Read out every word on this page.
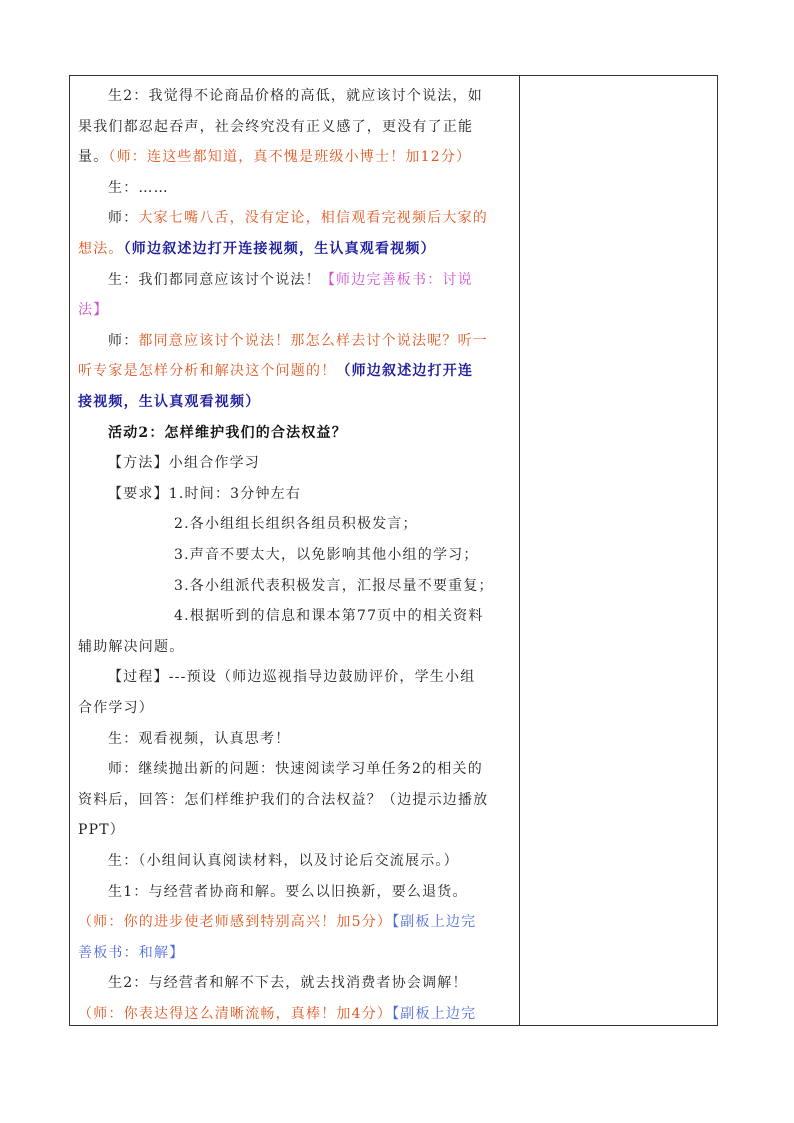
生2：我觉得不论商品价格的高低，就应该讨个说法，如
果我们都忍起吞声，社会终究没有正义感了，更没有了正能
量。（师：连这些都知道，真不愧是班级小博士！加12分）
生：……
师：大家七嘴八舌，没有定论，相信观看完视频后大家的
想法。（师边叙述边打开连接视频，生认真观看视频）
生：我们都同意应该讨个说法！【师边完善板书：讨说
法】
师：都同意应该讨个说法！那怎么样去讨个说法呢？听一
听专家是怎样分析和解决这个问题的！（师边叙述边打开连
接视频，生认真观看视频）
活动2：怎样维护我们的合法权益？
【方法】小组合作学习
【要求】1.时间：3分钟左右
2.各小组组长组织各组员积极发言；
3.声音不要太大，以免影响其他小组的学习；
3.各小组派代表积极发言，汇报尽量不要重复；
4.根据听到的信息和课本第77页中的相关资料
辅助解决问题。
【过程】---预设（师边巡视指导边鼓励评价，学生小组
合作学习）
生：观看视频，认真思考！
师：继续抛出新的问题：快速阅读学习单任务2的相关的
资料后，回答：怎们样维护我们的合法权益？（边提示边播放
PPT）
生：（小组间认真阅读材料，以及讨论后交流展示。）
生1：与经营者协商和解。要么以旧换新，要么退货。
（师：你的进步使老师感到特别高兴！加5分）【副板上边完
善板书：和解】
生2：与经营者和解不下去，就去找消费者协会调解！
（师：你表达得这么清晰流畅，真棒！加4分）【副板上边完
